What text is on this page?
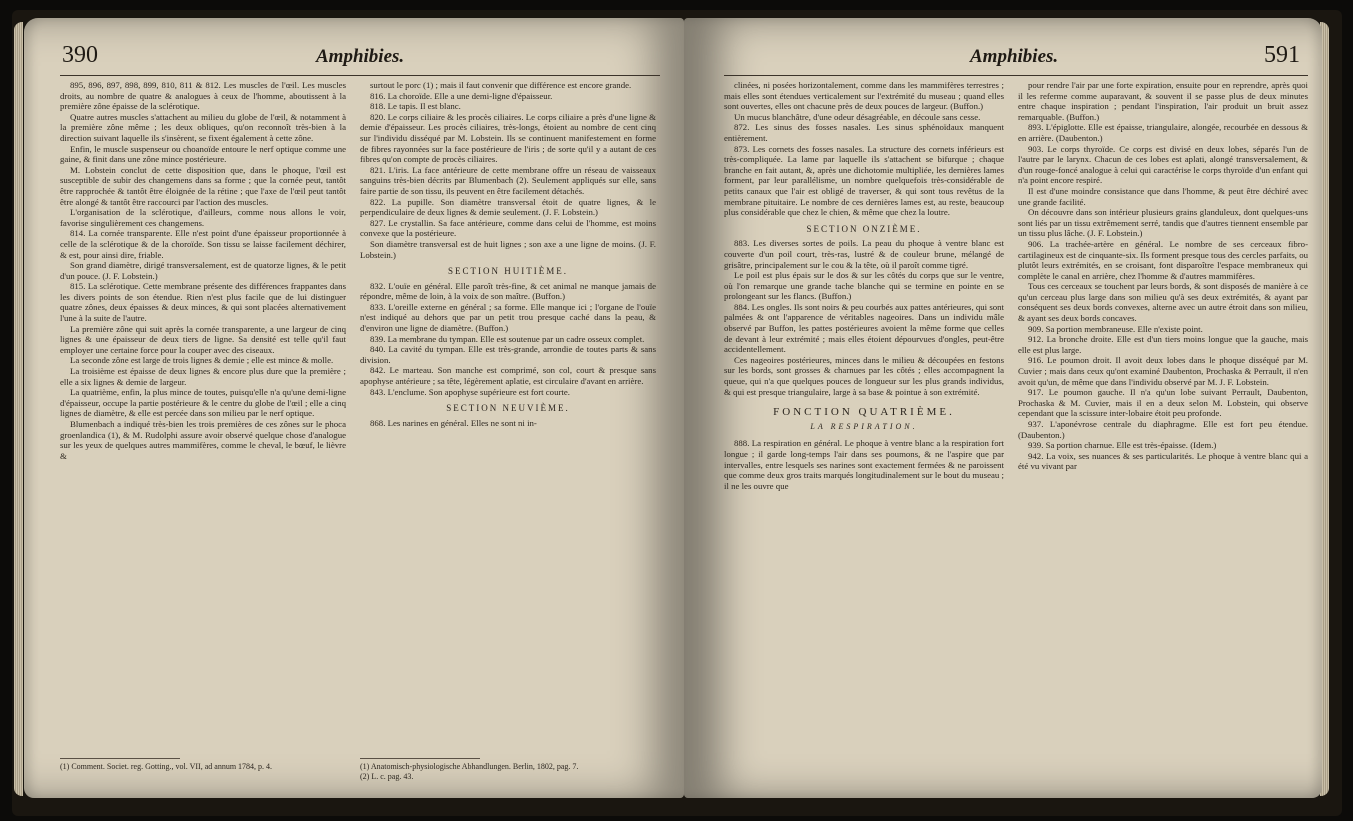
390	Amphibies.

895, 896, 897, 898, 899, 810, 811 & 812. Les muscles de l'œil. Les muscles droits, au nombre de quatre & analogues à ceux de l'homme, aboutissent à la première zône épaisse de la sclérotique.

Quatre autres muscles s'attachent au milieu du globe de l'œil, & notamment à la première zône même ; les deux obliques, qu'on reconnoît très-bien à la direction suivant laquelle ils s'insèrent, se fixent également à cette zône.

Enfin, le muscle suspenseur ou choanoïde entoure le nerf optique comme une gaine, & finit dans une zône mince postérieure.

M. Lobstein conclut de cette disposition que, dans le phoque, l'œil est susceptible de subir des changemens dans sa forme ; que la cornée peut, tantôt être rapprochée & tantôt être éloignée de la rétine ; que l'axe de l'œil peut tantôt être alongé & tantôt être raccourci par l'action des muscles.

L'organisation de la sclérotique, d'ailleurs, comme nous allons le voir, favorise singulièrement ces changemens.

814. La cornée transparente. Elle n'est point d'une épaisseur proportionnée à celle de la sclérotique & de la choroïde. Son tissu se laisse facilement déchirer, & est, pour ainsi dire, friable.

Son grand diamètre, dirigé transversalement, est de quatorze lignes, & le petit d'un pouce. (J. F. Lobstein.)

815. La sclérotique. Cette membrane présente des différences frappantes dans les divers points de son étendue. Rien n'est plus facile que de lui distinguer quatre zônes, deux épaisses & deux minces, & qui sont placées alternativement l'une à la suite de l'autre.

La première zône qui suit après la cornée transparente, a une largeur de cinq lignes & une épaisseur de deux tiers de ligne. Sa densité est telle qu'il faut employer une certaine force pour la couper avec des ciseaux.

La seconde zône est large de trois lignes & demie ; elle est mince & molle.

La troisième est épaisse de deux lignes & encore plus dure que la première ; elle a six lignes & demie de largeur.

La quatrième, enfin, la plus mince de toutes, puisqu'elle n'a qu'une demi-ligne d'épaisseur, occupe la partie postérieure & le centre du globe de l'œil ; elle a cinq lignes de diamètre, & elle est percée dans son milieu par le nerf optique.

Blumenbach a indiqué très-bien les trois premières de ces zônes sur le phoca groenlandica (1), & M. Rudolphi assure avoir observé quelque chose d'analogue sur les yeux de quelques autres mammifères, comme le cheval, le bœuf, le lièvre &

(1) Comment. Societ. reg. Gotting., vol. VII, ad annum 1784, p. 4.

surtout le porc (1) ; mais il faut convenir que différence est encore grande.

816. La choroïde. Elle a une demi-ligne d'épaisseur.

818. Le tapis. Il est blanc.

820. Le corps ciliaire & les procès ciliaires. Le corps ciliaire a près d'une ligne & demie d'épaisseur. Les procès ciliaires, très-longs, étoient au nombre de cent cinq sur l'individu disséqué par M. Lobstein. Ils se continuent manifestement en forme de fibres rayonnées sur la face postérieure de l'iris ; de sorte qu'il y a autant de ces fibres qu'on compte de procès ciliaires.

821. L'iris. La face antérieure de cette membrane offre un réseau de vaisseaux sanguins très-bien décrits par Blumenbach (2). Seulement appliqués sur elle, sans faire partie de son tissu, ils peuvent en être facilement détachés.

822. La pupille. Son diamètre transversal étoit de quatre lignes, & le perpendiculaire de deux lignes & demie seulement. (J. F. Lobstein.)

827. Le crystallin. Sa face antérieure, comme dans celui de l'homme, est moins convexe que la postérieure.

Son diamètre transversal est de huit lignes ; son axe a une ligne de moins. (J. F. Lobstein.)

SECTION HUITIÈME.

832. L'ouïe en général. Elle paroît très-fine, & cet animal ne manque jamais de répondre, même de loin, à la voix de son maître. (Buffon.)

833. L'oreille externe en général ; sa forme. Elle manque ici ; l'organe de l'ouïe n'est indiqué au dehors que par un petit trou presque caché dans la peau, & d'environ une ligne de diamètre. (Buffon.)

839. La membrane du tympan. Elle est soutenue par un cadre osseux complet.

840. La cavité du tympan. Elle est très-grande, arrondie de toutes parts & sans division.

842. Le marteau. Son manche est comprimé, son col, court & presque sans apophyse antérieure ; sa tête, légèrement aplatie, est circulaire d'avant en arrière.

843. L'enclume. Son apophyse supérieure est fort courte.

SECTION NEUVIÈME.

868. Les narines en général. Elles ne sont ni in-

(1) Anatomisch-physiologische Abhandlungen. Berlin, 1802, pag. 7.
(2) L. c. pag. 43.
Amphibies.	591

clinées, ni posées horizontalement, comme dans les mammifères terrestres ; mais elles sont étendues verticalement sur l'extrémité du museau ; quand elles sont ouvertes, elles ont chacune près de deux pouces de largeur. (Buffon.)

Un mucus blanchâtre, d'une odeur désagréable, en découle sans cesse.

872. Les sinus des fosses nasales. Les sinus sphénoïdaux manquent entièrement.

873. Les cornets des fosses nasales. La structure des cornets inférieurs est très-compliquée. La lame par laquelle ils s'attachent se bifurque ; chaque branche en fait autant, &, après une dichotomie multipliée, les dernières lames forment, par leur parallélisme, un nombre quelquefois très-considérable de petits canaux que l'air est obligé de traverser, & qui sont tous revêtus de la membrane pituitaire. Le nombre de ces dernières lames est, au reste, beaucoup plus considérable que chez le chien, & même que chez la loutre.

SECTION ONZIÈME.

883. Les diverses sortes de poils. La peau du phoque à ventre blanc est couverte d'un poil court, très-ras, lustré & de couleur brune, mélangé de grisâtre, principalement sur le cou & la tête, où il paroît comme tigré.

Le poil est plus épais sur le dos & sur les côtés du corps que sur le ventre, où l'on remarque une grande tache blanche qui se termine en pointe en se prolongeant sur les flancs. (Buffon.)

884. Les ongles. Ils sont noirs & peu courbés aux pattes antérieures, qui sont palmées & ont l'apparence de véritables nageoires. Dans un individu mâle observé par Buffon, les pattes postérieures avoient la même forme que celles de devant à leur extrémité ; mais elles étoient dépourvues d'ongles, peut-être accidentellement.

Ces nageoires postérieures, minces dans le milieu & découpées en festons sur les bords, sont grosses & charnues par les côtés ; elles accompagnent la queue, qui n'a que quelques pouces de longueur sur les plus grands individus, & qui est presque triangulaire, large à sa base & pointue à son extrémité.

FONCTION QUATRIÈME.

LA RESPIRATION.

888. La respiration en général. Le phoque à ventre blanc a la respiration fort longue ; il garde long-temps l'air dans ses poumons, & ne l'aspire que par intervalles, entre lesquels ses narines sont exactement fermées & ne paroissent que comme deux gros traits marqués longitudinalement sur le bout du museau ; il ne les ouvre que

pour rendre l'air par une forte expiration, ensuite pour en reprendre, après quoi il les referme comme auparavant, & souvent il se passe plus de deux minutes entre chaque inspiration ; pendant l'inspiration, l'air produit un bruit assez remarquable. (Buffon.)

893. L'épiglotte. Elle est épaisse, triangulaire, alongée, recourbée en dessous & en arrière. (Daubenton.)

903. Le corps thyroïde. Ce corps est divisé en deux lobes, séparés l'un de l'autre par le larynx. Chacun de ces lobes est aplati, alongé transversalement, & d'un rouge-foncé analogue à celui qui caractérise le corps thyroïde d'un enfant qui n'a point encore respiré.

Il est d'une moindre consistance que dans l'homme, & peut être déchiré avec une grande facilité.

On découvre dans son intérieur plusieurs grains glanduleux, dont quelques-uns sont liés par un tissu extrêmement serré, tandis que d'autres tiennent ensemble par un tissu plus lâche. (J. F. Lobstein.)

906. La trachée-artère en général. Le nombre de ses cerceaux fibro-cartilagineux est de cinquante-six. Ils forment presque tous des cercles parfaits, ou plutôt leurs extrémités, en se croisant, font disparoître l'espace membraneux qui complète le canal en arrière, chez l'homme & d'autres mammifères.

Tous ces cerceaux se touchent par leurs bords, & sont disposés de manière à ce qu'un cerceau plus large dans son milieu qu'à ses deux extrémités, & ayant par conséquent ses deux bords convexes, alterne avec un autre étroit dans son milieu, & ayant ses deux bords concaves.

909. Sa portion membraneuse. Elle n'existe point.

912. La bronche droite. Elle est d'un tiers moins longue que la gauche, mais elle est plus large.

916. Le poumon droit. Il avoit deux lobes dans le phoque disséqué par M. Cuvier ; mais dans ceux qu'ont examiné Daubenton, Prochaska & Perrault, il n'en avoit qu'un, de même que dans l'individu observé par M. J. F. Lobstein.

917. Le poumon gauche. Il n'a qu'un lobe suivant Perrault, Daubenton, Prochaska & M. Cuvier, mais il en a deux selon M. Lobstein, qui observe cependant que la scissure inter-lobaire étoit peu profonde.

937. L'aponévrose centrale du diaphragme. Elle est fort peu étendue. (Daubenton.)

939. Sa portion charnue. Elle est très-épaisse. (Idem.)

942. La voix, ses nuances & ses particularités. Le phoque à ventre blanc qui a été vu vivant par
